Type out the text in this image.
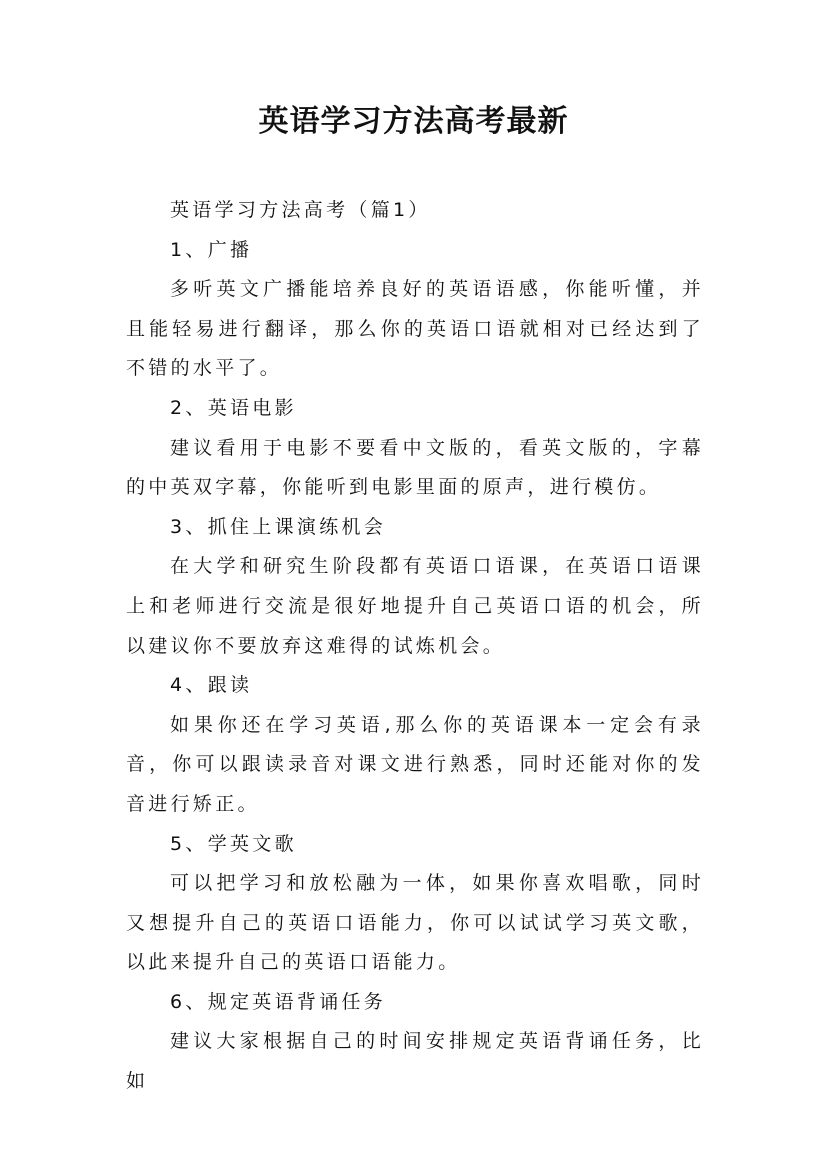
英语学习方法高考最新

英语学习方法高考（篇1）

1、广播

多听英文广播能培养良好的英语语感，你能听懂，并且能轻易进行翻译，那么你的英语口语就相对已经达到了不错的水平了。

2、英语电影

建议看用于电影不要看中文版的，看英文版的，字幕的中英双字幕，你能听到电影里面的原声，进行模仿。

3、抓住上课演练机会

在大学和研究生阶段都有英语口语课，在英语口语课上和老师进行交流是很好地提升自己英语口语的机会，所以建议你不要放弃这难得的试炼机会。

4、跟读

如果你还在学习英语,那么你的英语课本一定会有录音，你可以跟读录音对课文进行熟悉，同时还能对你的发音进行矫正。

5、学英文歌

可以把学习和放松融为一体，如果你喜欢唱歌，同时又想提升自己的英语口语能力，你可以试试学习英文歌，以此来提升自己的英语口语能力。

6、规定英语背诵任务

建议大家根据自己的时间安排规定英语背诵任务，比如
